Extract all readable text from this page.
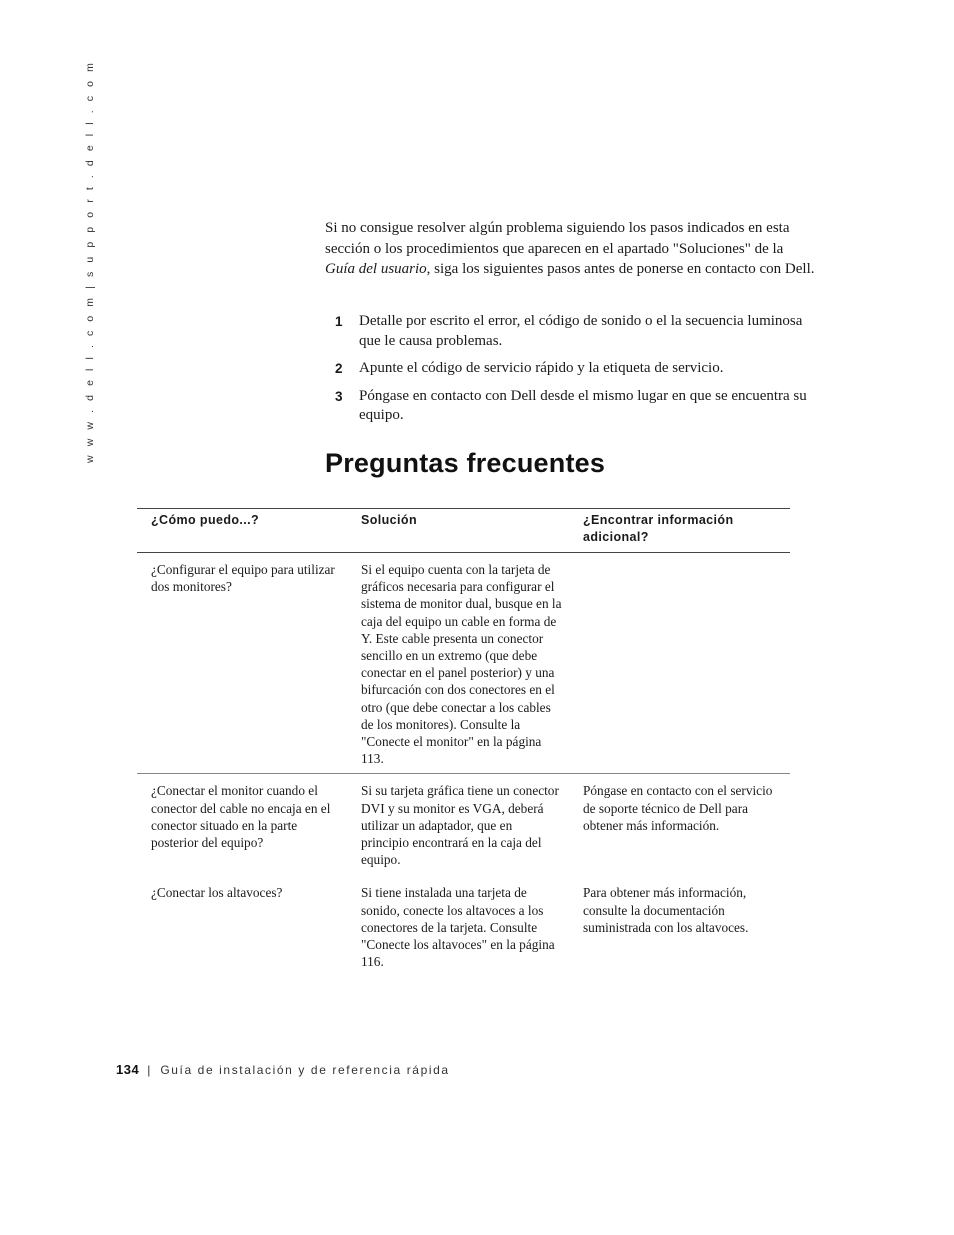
w w w . d e l l . c o m | s u p p o r t . d e l l . c o m	Si no consigue resolver algún problema siguiendo los pasos indicados en esta sección o los procedimientos que aparecen en el apartado "Soluciones" de la Guía del usuario, siga los siguientes pasos antes de ponerse en contacto con Dell.

1	Detalle por escrito el error, el código de sonido o el la secuencia luminosa que le causa problemas.
2	Apunte el código de servicio rápido y la etiqueta de servicio.
3	Póngase en contacto con Dell desde el mismo lugar en que se encuentra su equipo.
Preguntas frecuentes
¿Cómo puedo...?	Solución	¿Encontrar información adicional?
¿Configurar el equipo para utilizar dos monitores?	Si el equipo cuenta con la tarjeta de gráficos necesaria para configurar el sistema de monitor dual, busque en la caja del equipo un cable en forma de Y. Este cable presenta un conector sencillo en un extremo (que debe conectar en el panel posterior) y una bifurcación con dos conectores en el otro (que debe conectar a los cables de los monitores). Consulte la "Conecte el monitor" en la página 113.	
¿Conectar el monitor cuando el conector del cable no encaja en el conector situado en la parte posterior del equipo?	Si su tarjeta gráfica tiene un conector DVI y su monitor es VGA, deberá utilizar un adaptador, que en principio encontrará en la caja del equipo.	Póngase en contacto con el servicio de soporte técnico de Dell para obtener más información.
¿Conectar los altavoces?	Si tiene instalada una tarjeta de sonido, conecte los altavoces a los conectores de la tarjeta. Consulte "Conecte los altavoces" en la página 116.	Para obtener más información, consulte la documentación suministrada con los altavoces.
134 | Guía de instalación y de referencia rápida
